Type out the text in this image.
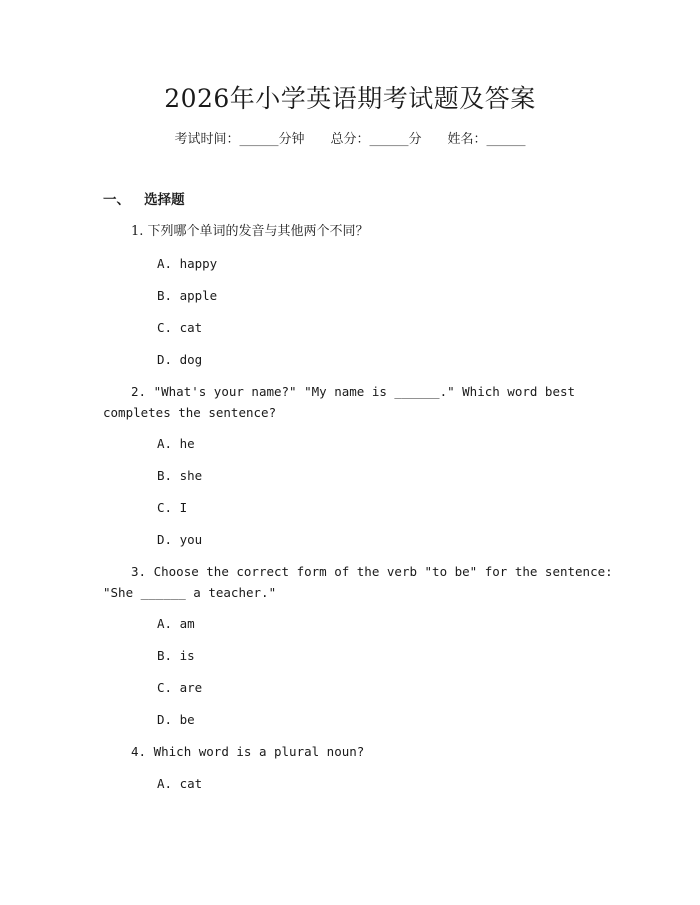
2026年小学英语期考试题及答案
考试时间：______分钟 总分：______分 姓名：______
一、 选择题
1. 下列哪个单词的发音与其他两个不同？
A. happy
B. apple
C. cat
D. dog
2. "What's your name?" "My name is ______." Which word best
completes the sentence?
A. he
B. she
C. I
D. you
3. Choose the correct form of the verb "to be" for the sentence:
"She ______ a teacher."
A. am
B. is
C. are
D. be
4. Which word is a plural noun?
A. cat
